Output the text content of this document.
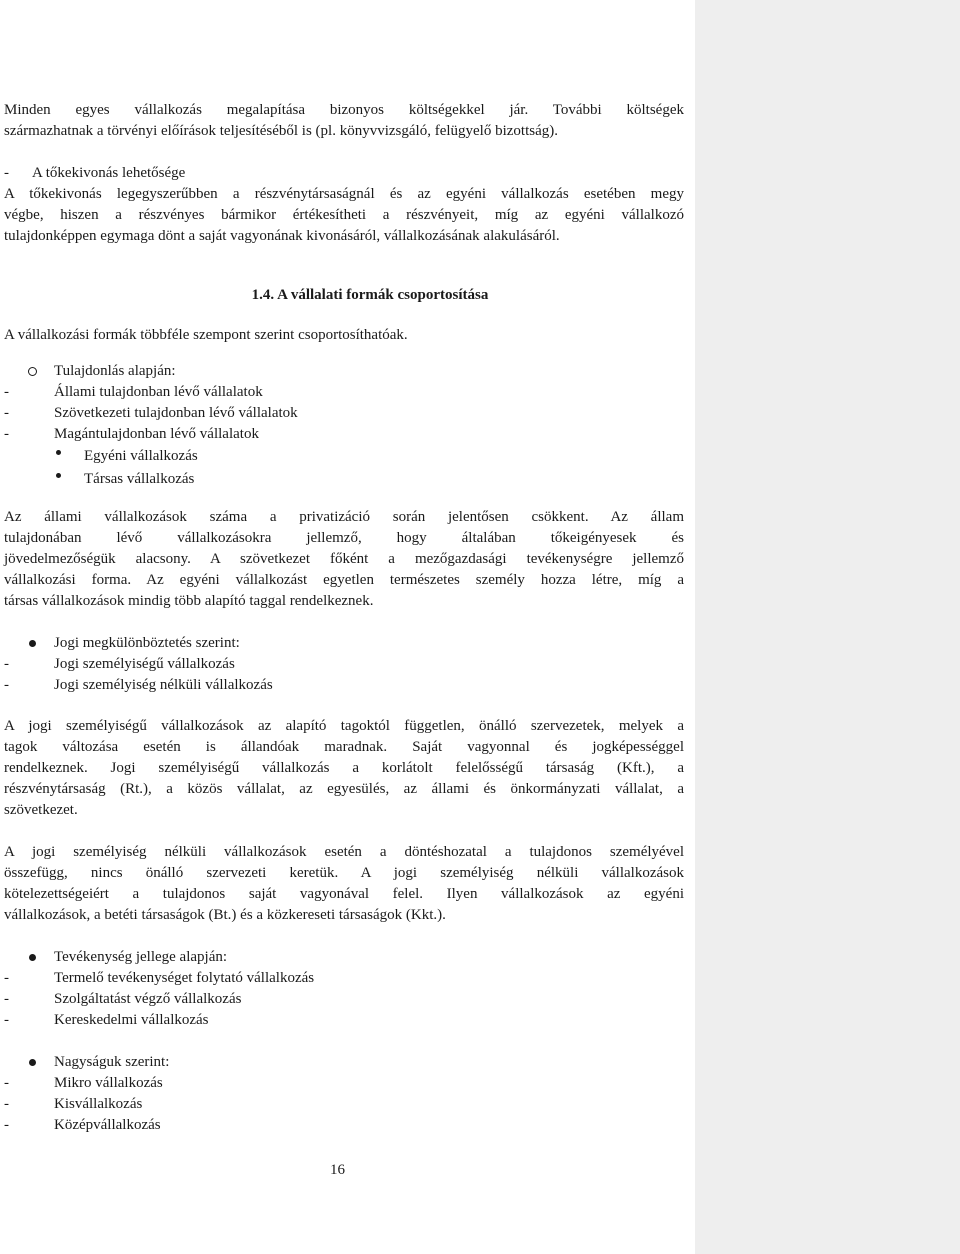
Minden egyes vállalkozás megalapítása bizonyos költségekkel jár. További költségek
származhatnak a törvényi előírások teljesítéséből is (pl. könyvvizsgáló, felügyelő bizottság).
- A tőkekivonás lehetősége
A tőkekivonás legegyszerűbben a részvénytársaságnál és az egyéni vállalkozás esetében megy
végbe, hiszen a részvényes bármikor értékesítheti a részvényeit, míg az egyéni vállalkozó
tulajdonképpen egymaga dönt a saját vagyonának kivonásáról, vállalkozásának alakulásáról.
1.4. A vállalati formák csoportosítása
A vállalkozási formák többféle szempont szerint csoportosíthatóak.
Tulajdonlás alapján:
-	Állami tulajdonban lévő vállalatok
-	Szövetkezeti tulajdonban lévő vállalatok
-	Magántulajdonban lévő vállalatok
Egyéni vállalkozás
Társas vállalkozás
Az állami vállalkozások száma a privatizáció során jelentősen csökkent. Az állam
tulajdonában lévő vállalkozásokra jellemző, hogy általában tőkeigényesek és
jövedelmezőségük alacsony. A szövetkezet főként a mezőgazdasági tevékenységre jellemző
vállalkozási forma. Az egyéni vállalkozást egyetlen természetes személy hozza létre, míg a
társas vállalkozások mindig több alapító taggal rendelkeznek.
Jogi megkülönböztetés szerint:
-	Jogi személyiségű vállalkozás
-	Jogi személyiség nélküli vállalkozás
A jogi személyiségű vállalkozások az alapító tagoktól független, önálló szervezetek, melyek a
tagok változása esetén is állandóak maradnak. Saját vagyonnal és jogképességgel
rendelkeznek. Jogi személyiségű vállalkozás a korlátolt felelősségű társaság (Kft.), a
részvénytársaság (Rt.), a közös vállalat, az egyesülés, az állami és önkormányzati vállalat, a
szövetkezet.
A jogi személyiség nélküli vállalkozások esetén a döntéshozatal a tulajdonos személyével
összefügg, nincs önálló szervezeti keretük. A jogi személyiség nélküli vállalkozások
kötelezettségeiért a tulajdonos saját vagyonával felel. Ilyen vállalkozások az egyéni
vállalkozások, a betéti társaságok (Bt.) és a közkereseti társaságok (Kkt.).
Tevékenység jellege alapján:
-	Termelő tevékenységet folytató vállalkozás
-	Szolgáltatást végző vállalkozás
-	Kereskedelmi vállalkozás
Nagyságuk szerint:
-	Mikro vállalkozás
-	Kisvállalkozás
-	Középvállalkozás
16
